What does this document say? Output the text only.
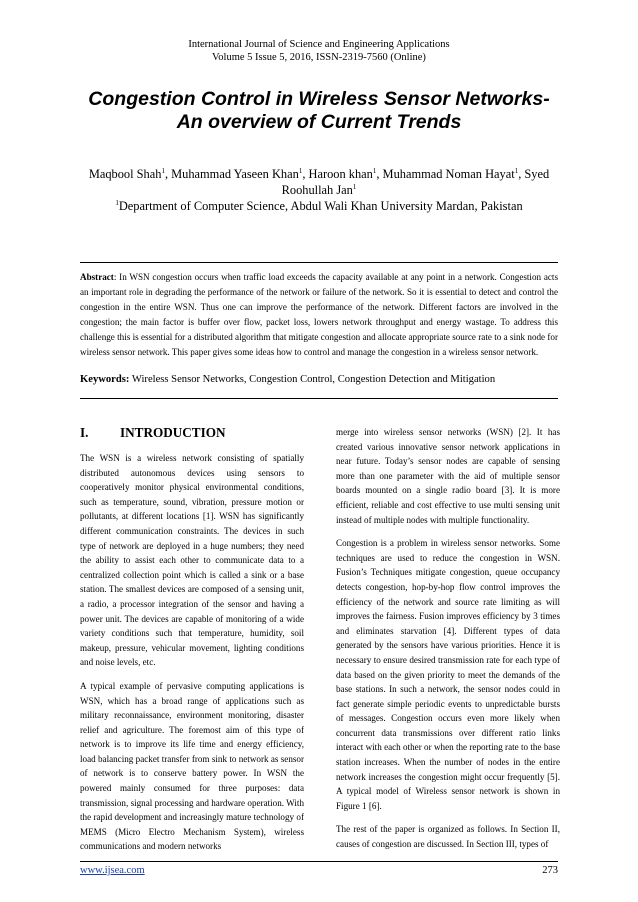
International Journal of Science and Engineering Applications
Volume 5 Issue 5, 2016, ISSN-2319-7560 (Online)
Congestion Control in Wireless Sensor Networks-
An overview of Current Trends
Maqbool Shah$^1$, Muhammad Yaseen Khan$^1$, Haroon khan$^1$, Muhammad Noman Hayat$^1$, Syed
Roohullah Jan$^1$
$^1$Department of Computer Science, Abdul Wali Khan University Mardan, Pakistan
Abstract: In WSN congestion occurs when traffic load exceeds the capacity available at any point in a network. Congestion acts an important role in degrading the performance of the network or failure of the network. So it is essential to detect and control the congestion in the entire WSN. Thus one can improve the performance of the network. Different factors are involved in the congestion; the main factor is buffer over flow, packet loss, lowers network throughput and energy wastage. To address this challenge this is essential for a distributed algorithm that mitigate congestion and allocate appropriate source rate to a sink node for wireless sensor network. This paper gives some ideas how to control and manage the congestion in a wireless sensor network.
Keywords: Wireless Sensor Networks, Congestion Control, Congestion Detection and Mitigation
I. INTRODUCTION

The WSN is a wireless network consisting of spatially distributed autonomous devices using sensors to cooperatively monitor physical environmental conditions, such as temperature, sound, vibration, pressure motion or pollutants, at different locations [1]. WSN has significantly different communication constraints. The devices in such type of network are deployed in a huge numbers; they need the ability to assist each other to communicate data to a centralized collection point which is called a sink or a base station. The smallest devices are composed of a sensing unit, a radio, a processor integration of the sensor and having a power unit. The devices are capable of monitoring of a wide variety conditions such that temperature, humidity, soil makeup, pressure, vehicular movement, lighting conditions and noise levels, etc.

A typical example of pervasive computing applications is WSN, which has a broad range of applications such as military reconnaissance, environment monitoring, disaster relief and agriculture. The foremost aim of this type of network is to improve its life time and energy efficiency, load balancing packet transfer from sink to network as sensor of network is to conserve battery power. In WSN the powered mainly consumed for three purposes: data transmission, signal processing and hardware operation. With the rapid development and increasingly mature technology of MEMS (Micro Electro Mechanism System), wireless communications and modern networks

merge into wireless sensor networks (WSN) [2]. It has created various innovative sensor network applications in near future. Today’s sensor nodes are capable of sensing more than one parameter with the aid of multiple sensor boards mounted on a single radio board [3]. It is more efficient, reliable and cost effective to use multi sensing unit instead of multiple nodes with multiple functionality.

Congestion is a problem in wireless sensor networks. Some techniques are used to reduce the congestion in WSN. Fusion’s Techniques mitigate congestion, queue occupancy detects congestion, hop-by-hop flow control improves the efficiency of the network and source rate limiting as will improves the fairness. Fusion improves efficiency by 3 times and eliminates starvation [4]. Different types of data generated by the sensors have various priorities. Hence it is necessary to ensure desired transmission rate for each type of data based on the given priority to meet the demands of the base stations. In such a network, the sensor nodes could in fact generate simple periodic events to unpredictable bursts of messages. Congestion occurs even more likely when concurrent data transmissions over different ratio links interact with each other or when the reporting rate to the base station increases. When the number of nodes in the entire network increases the congestion might occur frequently [5]. A typical model of Wireless sensor network is shown in Figure 1 [6].

The rest of the paper is organized as follows. In Section II, causes of congestion are discussed. In Section III, types of

www.ijsea.com	273
